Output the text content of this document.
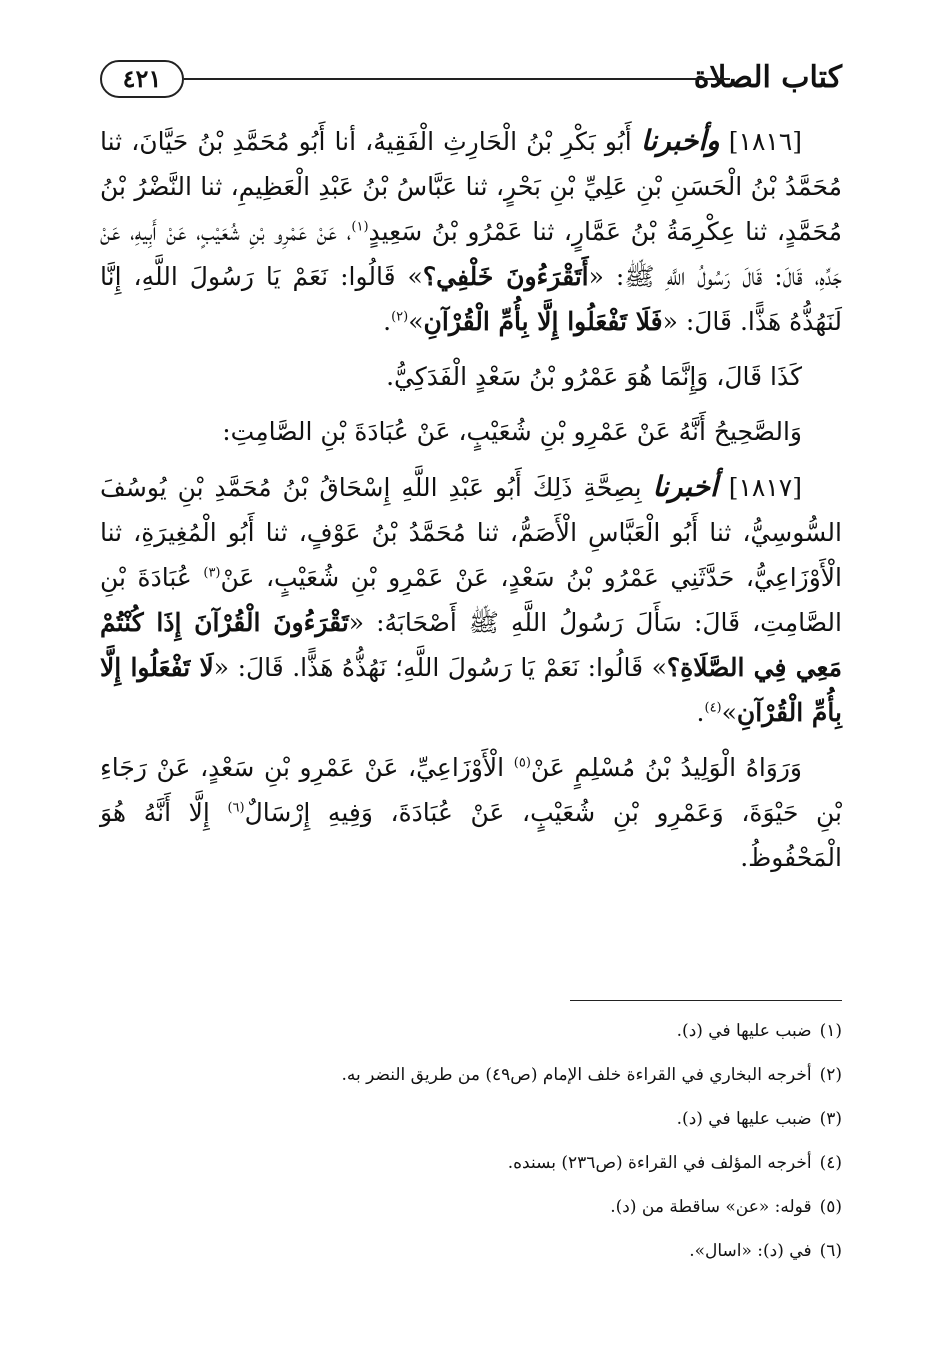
كتاب الصلاة
٤٢١

[١٨١٦] وأخبرنا أَبُو بَكْرِ بْنُ الْحَارِثِ الْفَقِيهُ، أنا أَبُو مُحَمَّدِ بْنُ حَيَّانَ، ثنا مُحَمَّدُ بْنُ الْحَسَنِ بْنِ عَلِيِّ بْنِ بَحْرٍ، ثنا عَبَّاسُ بْنُ عَبْدِ الْعَظِيمِ، ثنا النَّضْرُ بْنُ مُحَمَّدٍ، ثنا عِكْرِمَةُ بْنُ عَمَّارٍ، ثنا عَمْرُو بْنُ سَعِيدٍ$^{(١)}$، عَنْ عَمْرِو بْنِ شُعَيْبٍ، عَنْ أَبِيهِ، عَنْ جَدِّهِ، قَالَ: قَالَ رَسُولُ اللَّهِ ﷺ: «أَتَقْرَءُونَ خَلْفِي؟» قَالُوا: نَعَمْ يَا رَسُولَ اللَّهِ، إِنَّا لَنَهُذُّهُ هَذًّا. قَالَ: «فَلَا تَفْعَلُوا إِلَّا بِأُمِّ الْقُرْآنِ»$^{(٢)}$.

كَذَا قَالَ، وَإِنَّمَا هُوَ عَمْرُو بْنُ سَعْدٍ الْفَدَكِيُّ.

وَالصَّحِيحُ أَنَّهُ عَنْ عَمْرِو بْنِ شُعَيْبٍ، عَنْ عُبَادَةَ بْنِ الصَّامِتِ:

[١٨١٧] أخبرنا بِصِحَّةِ ذَلِكَ أَبُو عَبْدِ اللَّهِ إِسْحَاقُ بْنُ مُحَمَّدِ بْنِ يُوسُفَ السُّوسِيُّ، ثنا أَبُو الْعَبَّاسِ الْأَصَمُّ، ثنا مُحَمَّدُ بْنُ عَوْفٍ، ثنا أَبُو الْمُغِيرَةِ، ثنا الْأَوْزَاعِيُّ، حَدَّثَنِي عَمْرُو بْنُ سَعْدٍ، عَنْ عَمْرِو بْنِ شُعَيْبٍ، عَنْ$^{(٣)}$ عُبَادَةَ بْنِ الصَّامِتِ، قَالَ: سَأَلَ رَسُولُ اللَّهِ ﷺ أَصْحَابَهُ: «تَقْرَءُونَ الْقُرْآنَ إِذَا كُنْتُمْ مَعِي فِي الصَّلَاةِ؟» قَالُوا: نَعَمْ يَا رَسُولَ اللَّهِ؛ نَهُذُّهُ هَذًّا. قَالَ: «لَا تَفْعَلُوا إِلَّا بِأُمِّ الْقُرْآنِ»$^{(٤)}$.

وَرَوَاهُ الْوَلِيدُ بْنُ مُسْلِمٍ عَنْ$^{(٥)}$ الْأَوْزَاعِيِّ، عَنْ عَمْرِو بْنِ سَعْدٍ، عَنْ رَجَاءِ بْنِ حَيْوَةَ، وَعَمْرِو بْنِ شُعَيْبٍ، عَنْ عُبَادَةَ، وَفِيهِ إِرْسَالٌ$^{(٦)}$ إِلَّا أَنَّهُ هُوَ الْمَحْفُوظُ.

(١)
ضبب عليها في (د).
(٢)
أخرجه البخاري في القراءة خلف الإمام (ص٤٩) من طريق النضر به.
(٣)
ضبب عليها في (د).
(٤)
أخرجه المؤلف في القراءة (ص٢٣٦) بسنده.
(٥)
قوله: «عن» ساقطة من (د).
(٦)
في (د): «اسال».
